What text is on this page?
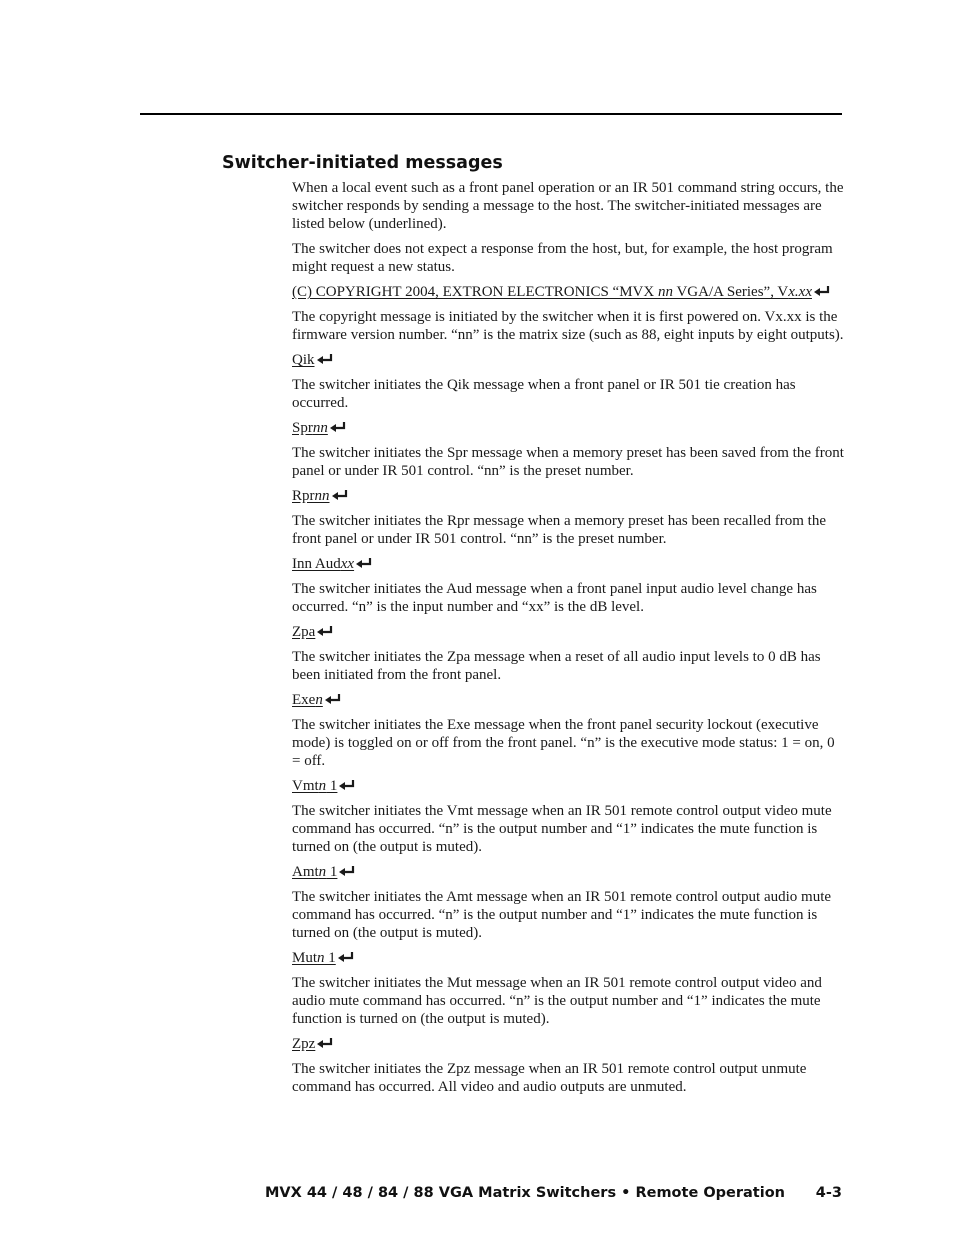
Switcher-initiated messages

When a local event such as a front panel operation or an IR 501 command string occurs, the switcher responds by sending a message to the host. The switcher-initiated messages are listed below (underlined).

The switcher does not expect a response from the host, but, for example, the host program might request a new status.

(C) COPYRIGHT 2004, EXTRON ELECTRONICS “MVX nn VGA/A Series”, Vx.xx

The copyright message is initiated by the switcher when it is first powered on. Vx.xx is the firmware version number. “nn” is the matrix size (such as 88, eight inputs by eight outputs).

Qik

The switcher initiates the Qik message when a front panel or IR 501 tie creation has occurred.

Sprnn

The switcher initiates the Spr message when a memory preset has been saved from the front panel or under IR 501 control. “nn” is the preset number.

Rprnn

The switcher initiates the Rpr message when a memory preset has been recalled from the front panel or under IR 501 control. “nn” is the preset number.

Inn Audxx

The switcher initiates the Aud message when a front panel input audio level change has occurred. “n” is the input number and “xx” is the dB level.

Zpa

The switcher initiates the Zpa message when a reset of all audio input levels to 0 dB has been initiated from the front panel.

Exen

The switcher initiates the Exe message when the front panel security lockout (executive mode) is toggled on or off from the front panel. “n” is the executive mode status: 1 = on, 0 = off.

Vmtn 1

The switcher initiates the Vmt message when an IR 501 remote control output video mute command has occurred. “n” is the output number and “1” indicates the mute function is turned on (the output is muted).

Amtn 1

The switcher initiates the Amt message when an IR 501 remote control output audio mute command has occurred. “n” is the output number and “1” indicates the mute function is turned on (the output is muted).

Mutn 1

The switcher initiates the Mut message when an IR 501 remote control output video and audio mute command has occurred. “n” is the output number and “1” indicates the mute function is turned on (the output is muted).

Zpz

The switcher initiates the Zpz message when an IR 501 remote control output unmute command has occurred. All video and audio outputs are unmuted.

MVX 44 / 48 / 84 / 88 VGA Matrix Switchers • Remote Operation 4-3
